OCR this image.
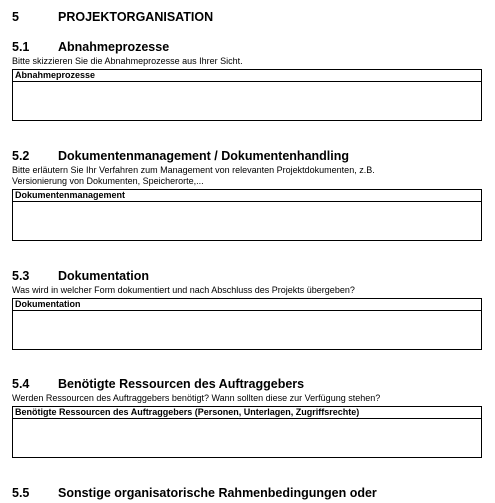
5	PROJEKTORGANISATION
5.1 Abnahmeprozesse
Bitte skizzieren Sie die Abnahmeprozesse aus Ihrer Sicht.
Abnahmeprozesse
5.2 Dokumentenmanagement / Dokumentenhandling
Bitte erläutern Sie Ihr Verfahren zum Management von relevanten Projektdokumenten, z.B.
Versionierung von Dokumenten, Speicherorte,...
Dokumentenmanagement
5.3 Dokumentation
Was wird in welcher Form dokumentiert und nach Abschluss des Projekts übergeben?
Dokumentation
5.4 Benötigte Ressourcen des Auftraggebers
Werden Ressourcen des Auftraggebers benötigt? Wann sollten diese zur Verfügung stehen?
Benötigte Ressourcen des Auftraggebers (Personen, Unterlagen, Zugriffsrechte)
5.5 Sonstige organisatorische Rahmenbedingungen oder
